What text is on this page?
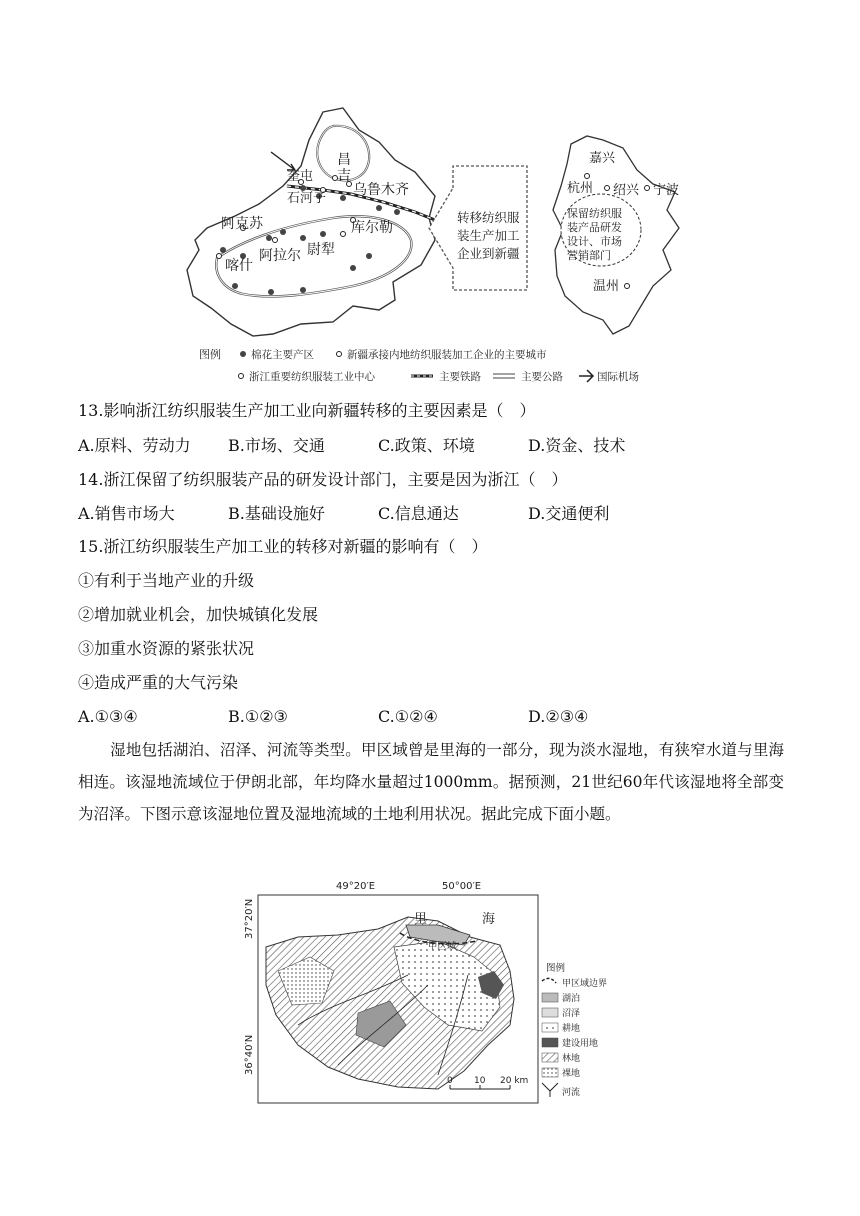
昌
吉
奎屯
石河子
乌鲁木齐
阿克苏	库尔勒
尉犁
喀什
阿拉尔
转移纺织服
装生产加工
企业到新疆
保留纺织服
装产品研发
设计、市场
营销部门
嘉兴
杭州 绍兴 宁波
温州
图例	棉花主要产区	新疆承接内地纺织服装加工企业的主要城市
浙江重要纺织服装工业中心	主要铁路	主要公路	国际机场
13.影响浙江纺织服装生产加工业向新疆转移的主要因素是（　）
A.原料、劳动力 B.市场、交通	C.政策、环境	D.资金、技术
14.浙江保留了纺织服装产品的研发设计部门，主要是因为浙江（　）
A.销售市场大	B.基础设施好	C.信息通达	D.交通便利
15.浙江纺织服装生产加工业的转移对新疆的影响有（　）
①有利于当地产业的升级
②增加就业机会，加快城镇化发展
③加重水资源的紧张状况
④造成严重的大气污染
A.①③④	B.①②③	C.①②④	D.②③④
湿地包括湖泊、沼泽、河流等类型。甲区域曾是里海的一部分，现为淡水湿地，有狭窄水道与里海相连。该湿地流域位于伊朗北部，年均降水量超过1000mm。据预测，21世纪60年代该湿地将全部变为沼泽。下图示意该湿地位置及湿地流域的土地利用状况。据此完成下面小题。
49°20′E	50°00′E
37°20′N
36°40′N
海
甲区域
0 10 20 km
图例
甲区域边界
湖泊
沼泽
耕地
建设用地
林地
裸地
河流
